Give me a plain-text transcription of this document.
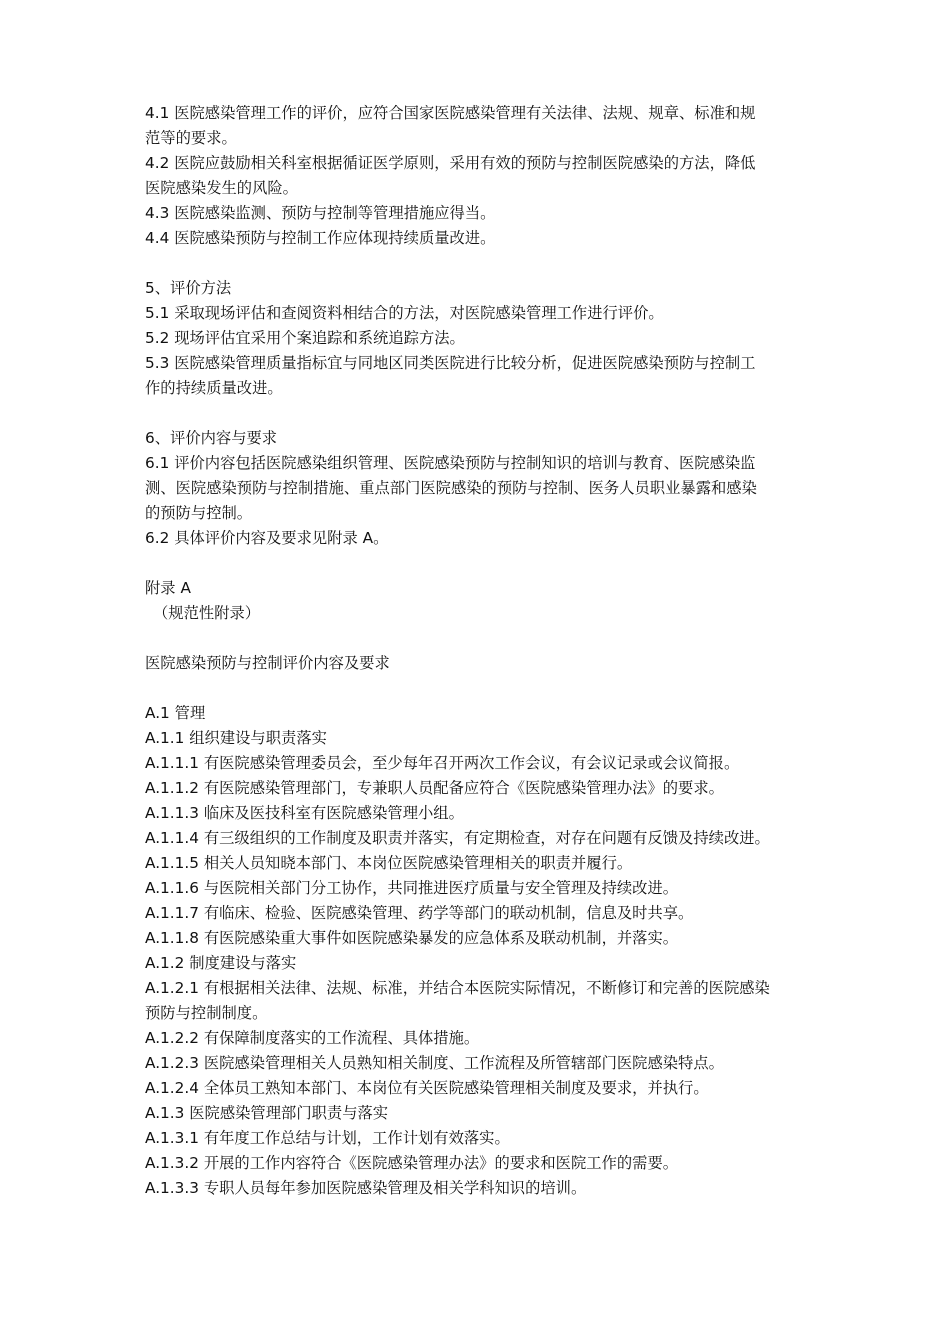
4.1 医院感染管理工作的评价，应符合国家医院感染管理有关法律、法规、规章、标准和规
范等的要求。
4.2 医院应鼓励相关科室根据循证医学原则，采用有效的预防与控制医院感染的方法，降低
医院感染发生的风险。
4.3 医院感染监测、预防与控制等管理措施应得当。
4.4 医院感染预防与控制工作应体现持续质量改进。
5、评价方法
5.1 采取现场评估和查阅资料相结合的方法，对医院感染管理工作进行评价。
5.2 现场评估宜采用个案追踪和系统追踪方法。
5.3 医院感染管理质量指标宜与同地区同类医院进行比较分析，促进医院感染预防与控制工
作的持续质量改进。
6、评价内容与要求
6.1 评价内容包括医院感染组织管理、医院感染预防与控制知识的培训与教育、医院感染监
测、医院感染预防与控制措施、重点部门医院感染的预防与控制、医务人员职业暴露和感染
的预防与控制。
6.2 具体评价内容及要求见附录 A。
附录 A
（规范性附录）
医院感染预防与控制评价内容及要求
A.1 管理
A.1.1 组织建设与职责落实
A.1.1.1 有医院感染管理委员会，至少每年召开两次工作会议，有会议记录或会议简报。
A.1.1.2 有医院感染管理部门，专兼职人员配备应符合《医院感染管理办法》的要求。
A.1.1.3 临床及医技科室有医院感染管理小组。
A.1.1.4 有三级组织的工作制度及职责并落实，有定期检查，对存在问题有反馈及持续改进。
A.1.1.5 相关人员知晓本部门、本岗位医院感染管理相关的职责并履行。
A.1.1.6 与医院相关部门分工协作，共同推进医疗质量与安全管理及持续改进。
A.1.1.7 有临床、检验、医院感染管理、药学等部门的联动机制，信息及时共享。
A.1.1.8 有医院感染重大事件如医院感染暴发的应急体系及联动机制，并落实。
A.1.2 制度建设与落实
A.1.2.1 有根据相关法律、法规、标准，并结合本医院实际情况，不断修订和完善的医院感染
预防与控制制度。
A.1.2.2 有保障制度落实的工作流程、具体措施。
A.1.2.3 医院感染管理相关人员熟知相关制度、工作流程及所管辖部门医院感染特点。
A.1.2.4 全体员工熟知本部门、本岗位有关医院感染管理相关制度及要求，并执行。
A.1.3 医院感染管理部门职责与落实
A.1.3.1 有年度工作总结与计划，工作计划有效落实。
A.1.3.2 开展的工作内容符合《医院感染管理办法》的要求和医院工作的需要。
A.1.3.3 专职人员每年参加医院感染管理及相关学科知识的培训。
